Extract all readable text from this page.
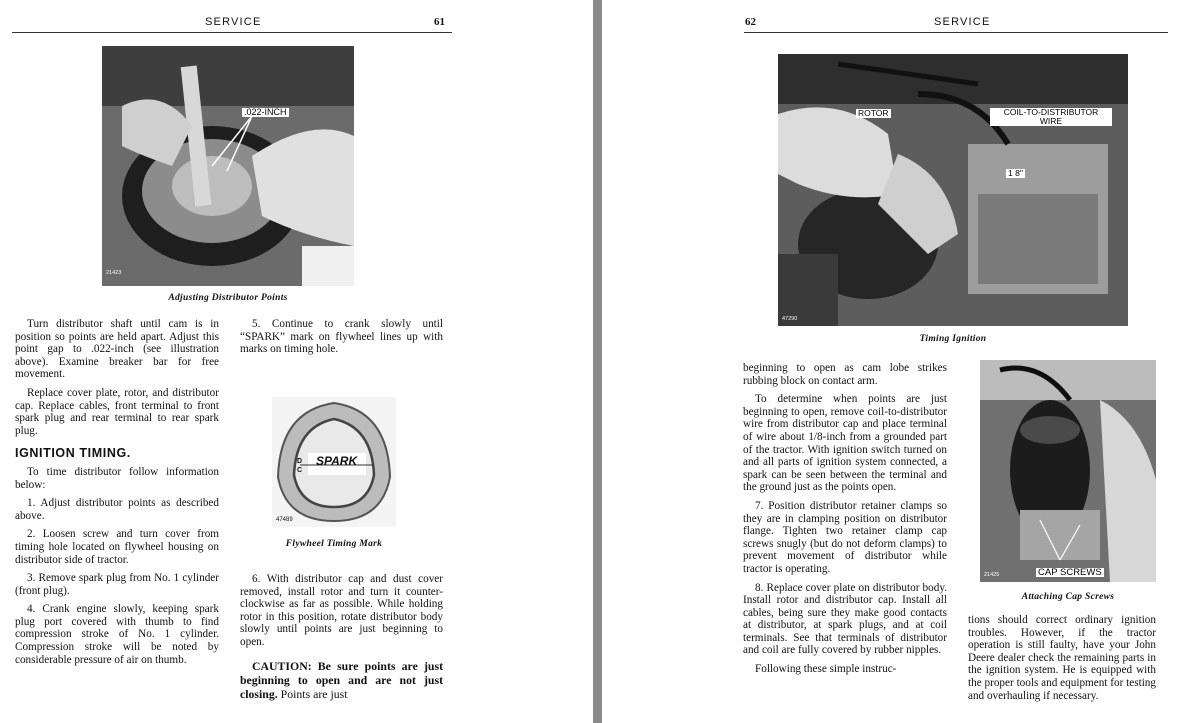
SERVICE	61
.022-INCH
21423
Adjusting Distributor Points

Turn distributor shaft until cam is in position so points are held apart. Adjust this point gap to .022-inch (see illustration above). Examine breaker bar for free movement.

Replace cover plate, rotor, and distributor cap. Replace cables, front terminal to front spark plug and rear terminal to rear spark plug.

IGNITION TIMING.

To time distributor follow information below:

1. Adjust distributor points as described above.

2. Loosen screw and turn cover from timing hole located on flywheel housing on distributor side of tractor.

3. Remove spark plug from No. 1 cylinder (front plug).

4. Crank engine slowly, keeping spark plug port covered with thumb to find compression stroke of No. 1 cylinder. Compression stroke will be noted by considerable pressure of air on thumb.

5. Continue to crank slowly until “SPARK” mark on flywheel lines up with marks on timing hole.

SPARK
D C
47489
Flywheel Timing Mark

6. With distributor cap and dust cover removed, install rotor and turn it counter-clockwise as far as possible. While holding rotor in this position, rotate distributor body slowly until points are just beginning to open.

CAUTION: Be sure points are just beginning to open and are not just closing. Points are just

62	SERVICE
ROTOR	COIL-TO-DISTRIBUTOR WIRE
1 8"
47290
Timing Ignition

beginning to open as cam lobe strikes rubbing block on contact arm.

To determine when points are just beginning to open, remove coil-to-distributor wire from distributor cap and place terminal of wire about 1/8-inch from a grounded part of the tractor. With ignition switch turned on and all parts of ignition system connected, a spark can be seen between the terminal and the ground just as the points open.

7. Position distributor retainer clamps so they are in clamping position on distributor flange. Tighten two retainer clamp cap screws snugly (but do not deform clamps) to prevent movement of distributor while tractor is operating.

8. Replace cover plate on distributor body. Install rotor and distributor cap. Install all cables, being sure they make good contacts at distributor, at spark plugs, and at coil terminals. See that terminals of distributor and coil are fully covered by rubber nipples.

Following these simple instruc-

CAP SCREWS
21425
Attaching Cap Screws

tions should correct ordinary ignition troubles. However, if the tractor operation is still faulty, have your John Deere dealer check the remaining parts in the ignition system. He is equipped with the proper tools and equipment for testing and overhauling if necessary.
